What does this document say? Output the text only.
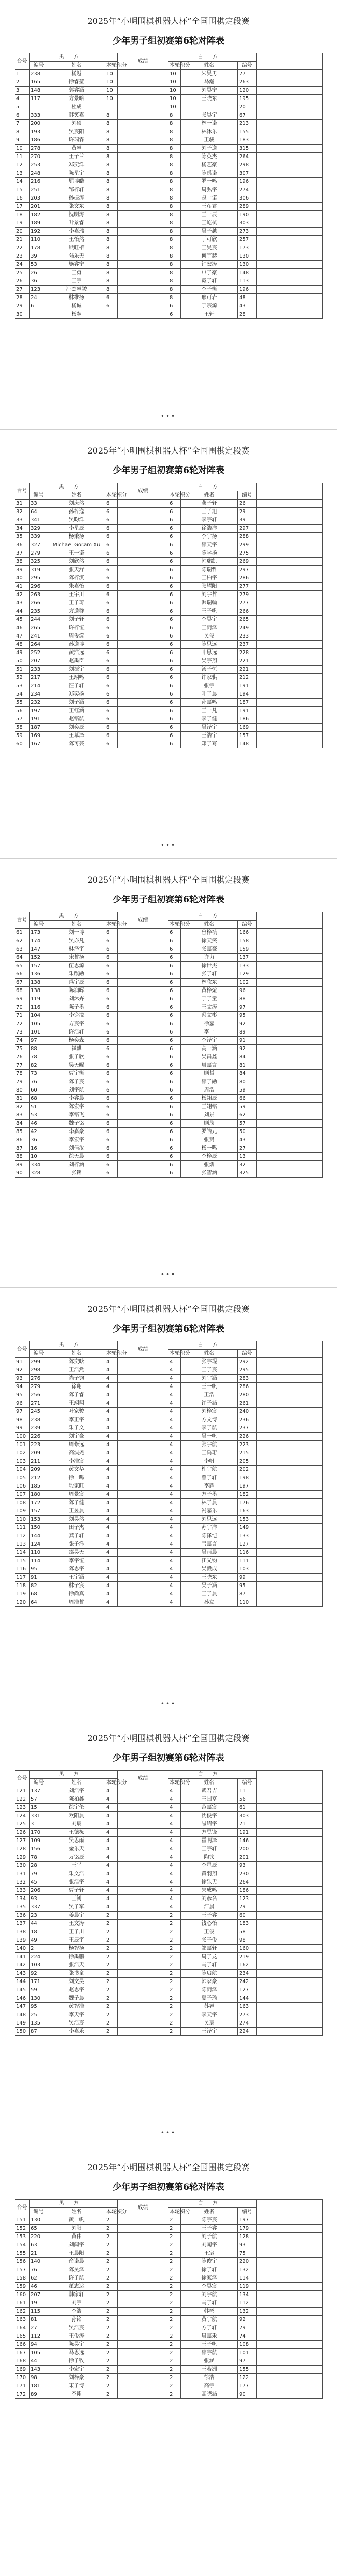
2025年“小明围棋机器人杯”全国围棋定段赛
少年男子组初赛第6轮对阵表
台号	黑方			成绩	白方			
	编号	姓名	本轮积分		本轮积分	姓名	编号	
1	238	杨越	10		10	朱昊男	77	
2	165	徐睿堃	10		10	马瀚	263	
3	148	郭睿涵	10		10	刘昊宁	120	
4	117	方景晗	10		10	王晓东	195	
5		杜成			10		20	
6	333	韩笑嘉	8		8	张昊宇	67	
7	200	刘硕	8		8	林一诺	213	
8	193	吴宸阳	8		8	林沐乐	155	
9	186	许瑞霖	8		8	王骏	183	
10	278	黄睿	8		8	刘子逸	315	
11	270	王子兰	8		8	陈英杰	264	
12	253	郑奕洋	8		8	杨艺豪	298	
13	248	陈星宇	8		8	陈禹诺	307	
14	216	屈博皓	8		8	罗一鸣	196	
15	251	邹梓轩	8		8	周弘宇	274	
16	203	孙振涛	8		8	赵一诺	306	
17	201	张文东	8		8	王彦君	289	
18	182	沈明涛	8		8	王一辰	190	
19	189	叶景睿	8		8	王屹杭	303	
20	192	李嘉瑞	8		8	吴子越	273	
21	110	王怡然	8		8	丁可欣	257	
22	178	熊旺榕	8		8	王昊宸	173	
23	39	陆乐天	8		8	何宇赫	130	
24	53	施睿宁	8		8	钟宏涛	130	
25	26	王勇	8		8	申子豪	148	
26	36	王宇	8		8	戴子轩	113	
27	123	汪杰睿骏	8		8	李子衡	196	
28	24	林维扬	6		8	邢可岩	48	
29	6	杨诚	6		6	于宗源	43	
30		杨翮			6	王轩	28	
•••
2025年“小明围棋机器人杯”全国围棋定段赛
少年男子组初赛第6轮对阵表
台号	黑方			成绩	白方			
	编号	姓名	本轮积分		本轮积分	姓名	编号	
31	33	刘庆然	6		6	龚子轩	26	
32	64	孙梓逸	6		6	王子旭	29	
33	341	吴昀洋	6		6	李宇轩	39	
34	329	李星辰	6		6	徐浩洋	297	
35	339	杨秉扬	6		6	李宇扬	288	
36	327	Michael Goram Xu	6		6	邵天宇	299	
37	279	王一诺	6		6	陈学扬	275	
38	325	刘欣然	6		6	韩瑞凯	269	
39	319	张天舒	6		6	陈瑞哲	297	
40	295	陈梓淇	6		6	王柏宇	286	
41	296	朱嘉怡	6		6	张耀阳	277	
42	263	王宇川	6		6	刘宇哲	279	
43	266	王子琦	6		6	韩瑞翰	277	
44	235	方逸群	6		6	王子帆	266	
45	244	刘子轩	6		6	李昊宇	265	
46	265	许梓恒	6		6	王雨泽	249	
47	241	周俊潇	6		6	吴俊	233	
48	264	孙逸博	6		6	陈思远	237	
49	252	黄浩远	6		6	叶思远	228	
50	207	赵禹臣	6		6	吴宇翔	221	
51	233	刘振宇	6		6	汤子恒	221	
52	217	王翊鸣	6		6	许家骐	212	
53	214	汪子轩	6		6	张宇	191	
54	234	郑奕扬	6		6	叶子晨	194	
55	232	刘子涵	6		6	孙嘉鸣	187	
56	197	王钰涵	6		6	王一凡	191	
57	191	赵铭航	6		6	李子健	186	
58	187	刘奕辰	6		6	吴泽宇	169	
59	169	王慕泽	6		6	王浩宇	157	
60	167	陈可芸	6		6	郑子骞	148	
•••
2025年“小明围棋机器人杯”全国围棋定段赛
少年男子组初赛第6轮对阵表
台号	黑方			成绩	白方			
	编号	姓名	本轮积分		本轮积分	姓名	编号	
61	173	刘一博	6		6	曾梓祯	166	
62	174	吴亦凡	6		6	徐天笑	158	
63	147	林泽宇	6		6	张嘉豪	159	
64	152	宋哲扬	6		6	许力	137	
65	157	伍思源	6		6	徐世杰	133	
66	136	朱麒勋	6		6	张子轩	129	
67	138	冯宇辰	6		6	林欣东	102	
68	138	陈润晖	6		6	黄梓煊	96	
69	119	刘沐卉	6		6	于子童	88	
70	116	陈子墨	6		6	王文涛	97	
71	104	李铮溢	6		6	冯文彬	95	
72	105	方宸宇	6		6	徐嘉	92	
73	101	许浩轩	6		6	李一	89	
74	97	杨奕森	6		6	李泽宇	91	
75	88	崔麒	6		6	高一涵	92	
76	78	张子欣	6		6	吴昌鑫	84	
77	82	吴天曜	6		6	周嘉言	81	
78	73	曹宇衡	6		6	顾哲	84	
79	76	陈子宸	6		6	邵子勋	80	
80	60	刘宇航	6		6	周浩	59	
81	68	李睿晨	6		6	杨翊辰	66	
82	51	陈宏宇	6		6	王翊铭	59	
83	53	李铭飞	6		6	刘景	62	
84	46	魏子铭	6		6	顾茂	57	
85	42	李嘉豪	6		6	罗皓元	50	
86	36	李宏宇	6		6	张贤	43	
87	16	刘佳汝	6		6	杨一鸣	27	
88	10	徐天晨	6		6	李梓辰	13	
89	334	刘梓涵	6		6	张熠	32	
90	328	张铭	6		6	张智涵	325	
•••
2025年“小明围棋机器人杯”全国围棋定段赛
少年男子组初赛第6轮对阵表
台号	黑方			成绩	白方			
	编号	姓名	本轮积分		本轮积分	姓名	编号	
91	299	陈奕晗	4		4	张宇琨	292	
92	298	王浩然	4		4	王子宸	295	
93	276	尚子钧	4		4	刘宇涵	283	
94	279	徐翔	4		4	王一帆	286	
95	256	陈子睿	4		4	王浩	280	
96	271	王翊翔	4		4	许子涵	261	
97	245	叶家骏	4		4	刘梓宸	240	
98	238	李正宇	4		4	方文博	236	
99	239	朱子文	4		4	李子航	237	
100	226	刘宇豪	4		4	吴一帆	226	
101	223	周修远	4		4	张宇航	223	
102	209	高淏尧	4		4	王禹珩	215	
103	211	李浩宸	4		4	李帆	205	
104	209	黄文华	4		4	杜宇航	202	
105	212	徐一鸣	4		4	曾子轩	198	
106	185	殷家旺	4		4	李耀	197	
107	180	周景宸	4		4	方子墨	182	
108	172	陈子健	4		4	林子晨	176	
109	157	王昱晨	4		4	冯嘉乐	163	
110	153	刘昊然	4		4	刘思远	153	
111	150	田子杰	4		4	苏宇洋	149	
112	144	龚子轩	4		4	陈泽恺	133	
113	124	张子洋	4		4	韦嘉言	127	
114	110	邵昊天	4		4	吴雨晨	116	
115	114	李宇恒	4		4	江义钧	111	
116	95	陈思宇	4		4	吴毅成	103	
117	91	王宇涵	4		4	王晓东	99	
118	82	林子宸	4		4	吴子涵	95	
119	68	徐尚真	4		4	王子晨	87	
120	64	周浩哲	4		4	孙立	110	
•••
2025年“小明围棋机器人杯”全国围棋定段赛
少年男子组初赛第6轮对阵表
台号	黑方			成绩	白方			
	编号	姓名	本轮积分		本轮积分	姓名	编号	
121	137	刘浩宇	4		4	武君吉	11	
122	57	陈柏鑫	4		4	王国富	56	
123	15	徐宇伦	4		4	范嘉宸	61	
124	331	欧阳晨	4		4	沈俊宇	303	
125	3	刘宸	4		4	易绍宇	71	
126	170	王德栋	4		4	方昱锋	191	
127	109	吴思雨	4		4	霍明泽	146	
128	156	金乐天	4		4	王宇轩	200	
129	78	万铭辰	4		4	陶钦	201	
130	28	王平	4		4	李星辰	93	
131	79	朱文浩	4		4	黄羽翔	230	
132	45	张浩宇	4		4	徐乐天	264	
133	206	曹子轩	4		4	朱成鸣	186	
134	93	王钊	4		4	刘彦名	123	
135	337	吴子军	4		4	江晨	79	
136	23	姜晨宇	2		2	王子睿	60	
137	44	王文涛	2		2	钱心怡	183	
138	18	王子川	2		2	王俊	58	
139	49	王辰宇	2		2	张子俊	98	
140	2	杨智扬	2		2	邹嘉轩	160	
141	224	徐禹鹏	2		2	周子龙	219	
142	103	张浩天	2		2	马子轩	162	
143	92	张书童	2		2	陈启航	234	
144	171	刘文昊	2		2	韩家豪	242	
145	59	赵思宇	2		2	陈雨泽	127	
146	130	魏子晨	2		2	夏子瑜	144	
147	95	黄智浩	2		2	苏睿	163	
148	25	李天宇	2		2	李天宇	273	
149	135	吴浩宸	2		2	吴宸	274	
150	87	李嘉乐	2		2	王泽宇	224	
•••
2025年“小明围棋机器人杯”全国围棋定段赛
少年男子组初赛第6轮对阵表
台号	黑方			成绩	白方			
	编号	姓名	本轮积分		本轮积分	姓名	编号	
151	130	黄一帆	2		2	陈宇宸	197	
152	65	刘阳	2		2	王子睿	179	
153	220	黄伟	2		2	刘子航	128	
154	63	刘闻宇	2		2	刘闻宇	93	
155	21	王晨阳	2		2	王宸	75	
156	140	俞诺晨	2		2	陈俊宇	220	
157	76	陈昊泽	2		2	徐子轩	132	
158	62	许子航	2		2	徐家泽	114	
159	46	董志达	2		2	李昊宸	119	
160	207	韩家轩	2		2	刘宇航	134	
161	19	刘宇	2		2	马子轩	112	
162	115	李浩	2		2	韩彬	132	
163	81	孙铭	2		2	黄宇航	92	
164	27	吴浩宸	2		2	方子轩	79	
165	112	王俊涛	2		2	周嘉禾	74	
166	94	陈昊宇	2		2	王子帆	108	
167	105	马思远	2		2	邵宇航	101	
168	44	徐子牧	2		2	张涵	97	
169	143	李宏宇	2		2	王若洲	155	
170	98	刘梓豪	2		2	徐浩	122	
171	181	宋子博	2		2	高宇	177	
172	89	李翔	2		2	高晓涵	90	
